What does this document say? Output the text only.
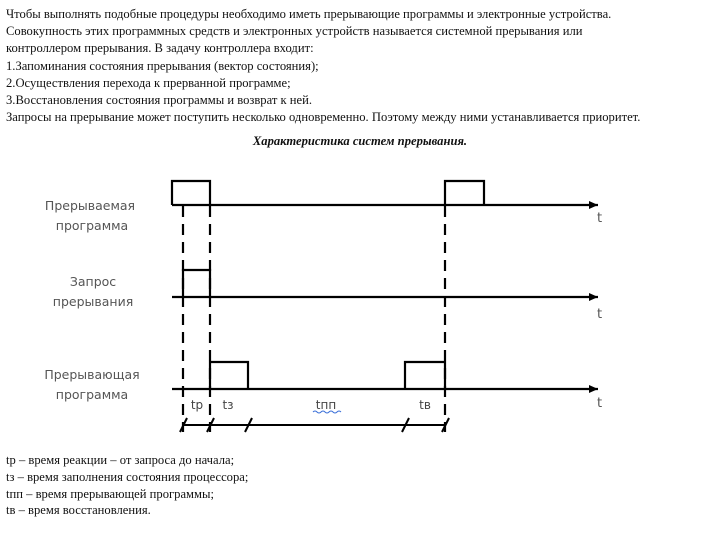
Чтобы выполнять подобные процедуры необходимо иметь прерывающие программы и электронные устройства.

Совокупность этих программных средств и электронных устройств называется системной прерывания или

контроллером прерывания. В задачу контроллера входит:

1.Запоминания состояния прерывания (вектор состояния);

2.Осуществления перехода к прерванной программе;

3.Восстановления состояния программы и возврат к ней.

Запросы на прерывание может поступить несколько одновременно. Поэтому между ними устанавливается приоритет.

Характеристика систем прерывания.
Прерываемая
программа	t
Запрос
прерывания
t
Прерывающая
программа
t
tр tз	tпп	tв

tр – время реакции – от запроса до начала;

tз – время заполнения состояния процессора;

tпп – время прерывающей программы;

tв – время восстановления.
